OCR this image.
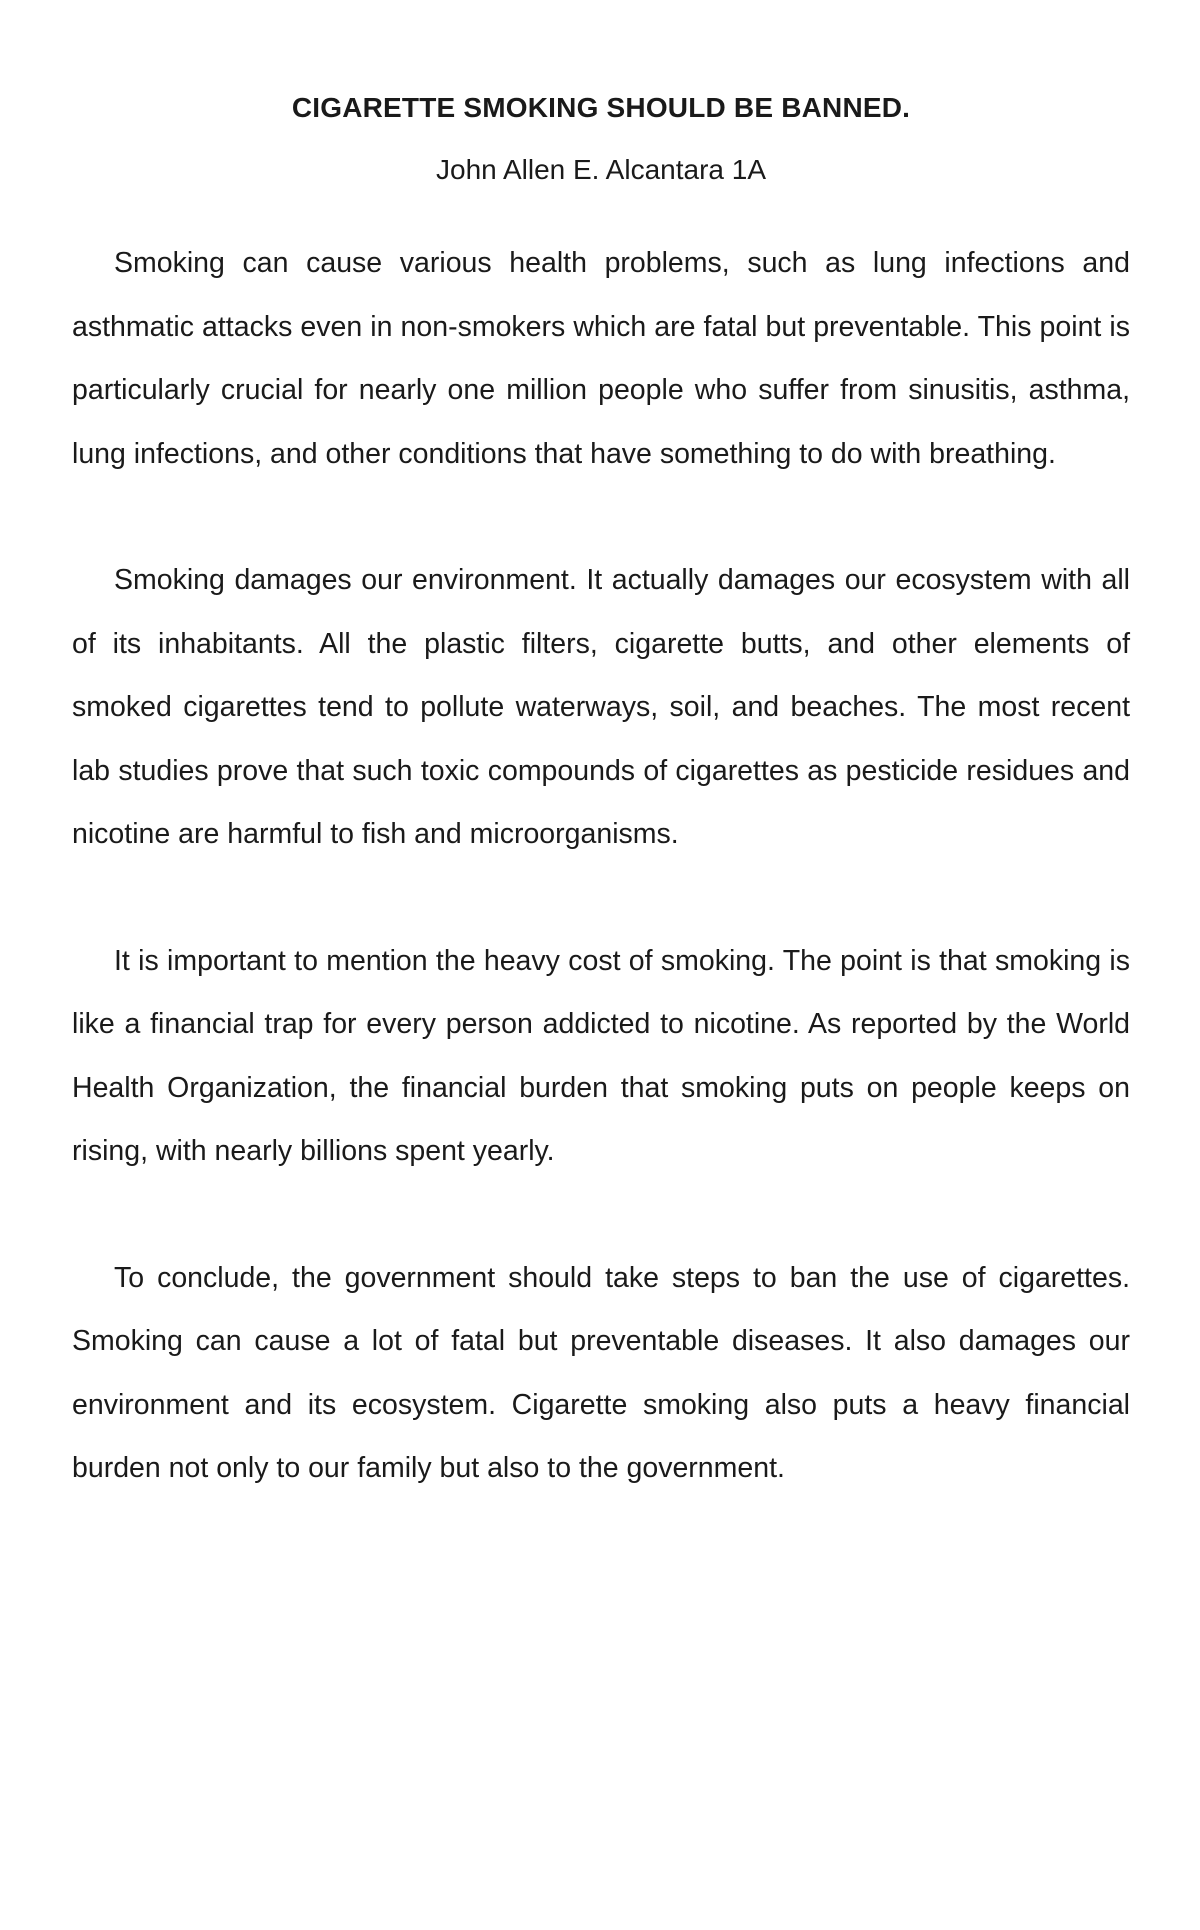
CIGARETTE SMOKING SHOULD BE BANNED.
John Allen E. Alcantara 1A

Smoking can cause various health problems, such as lung infections and asthmatic attacks even in non-smokers which are fatal but preventable. This point is particularly crucial for nearly one million people who suffer from sinusitis, asthma, lung infections, and other conditions that have something to do with breathing.

Smoking damages our environment. It actually damages our ecosystem with all of its inhabitants. All the plastic filters, cigarette butts, and other elements of smoked cigarettes tend to pollute waterways, soil, and beaches. The most recent lab studies prove that such toxic compounds of cigarettes as pesticide residues and nicotine are harmful to fish and microorganisms.

It is important to mention the heavy cost of smoking. The point is that smoking is like a financial trap for every person addicted to nicotine. As reported by the World Health Organization, the financial burden that smoking puts on people keeps on rising, with nearly billions spent yearly.

To conclude, the government should take steps to ban the use of cigarettes. Smoking can cause a lot of fatal but preventable diseases. It also damages our environment and its ecosystem. Cigarette smoking also puts a heavy financial burden not only to our family but also to the government.
